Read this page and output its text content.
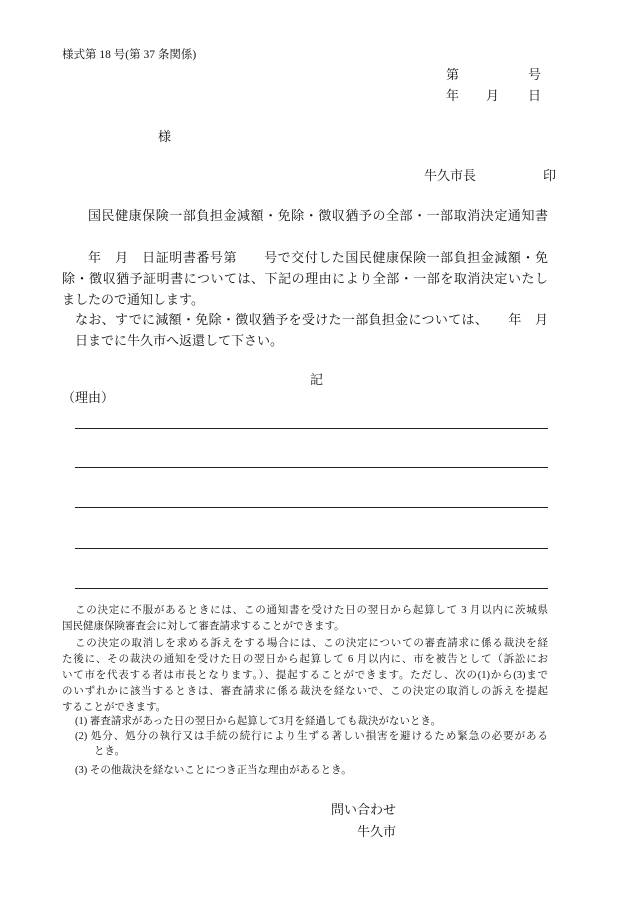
様式第 18 号(第 37 条関係)
第	号
年 月 日
様
牛久市長	印
国民健康保険一部負担金減額・免除・徴収猶予の全部・一部取消決定通知書
年　月　日証明書番号第　　号で交付した国民健康保険一部負担金減額・免
除・徴収猶予証明書については、下記の理由により全部・一部を取消決定いたし
ましたので通知します。
なお、すでに減額・免除・徴収猶予を受けた一部負担金については、　　年　月
日までに牛久市へ返還して下さい。
記
（理由）
この決定に不服があるときには、この通知書を受けた日の翌日から起算して 3 月以内に茨城県
国民健康保険審査会に対して審査請求することができます。
この決定の取消しを求める訴えをする場合には、この決定についての審査請求に係る裁決を経
た後に、その裁決の通知を受けた日の翌日から起算して 6 月以内に、市を被告として（訴訟にお
いて市を代表する者は市長となります。）、提起することができます。ただし、次の(1)から(3)まで
のいずれかに該当するときは、審査請求に係る裁決を経ないで、この決定の取消しの訴えを提起
することができます。
(1) 審査請求があった日の翌日から起算して3月を経過しても裁決がないとき。
(2) 処分、処分の執行又は手続の続行により生ずる著しい損害を避けるため緊急の必要がある
とき。
(3) その他裁決を経ないことにつき正当な理由があるとき。
問い合わせ
牛久市
